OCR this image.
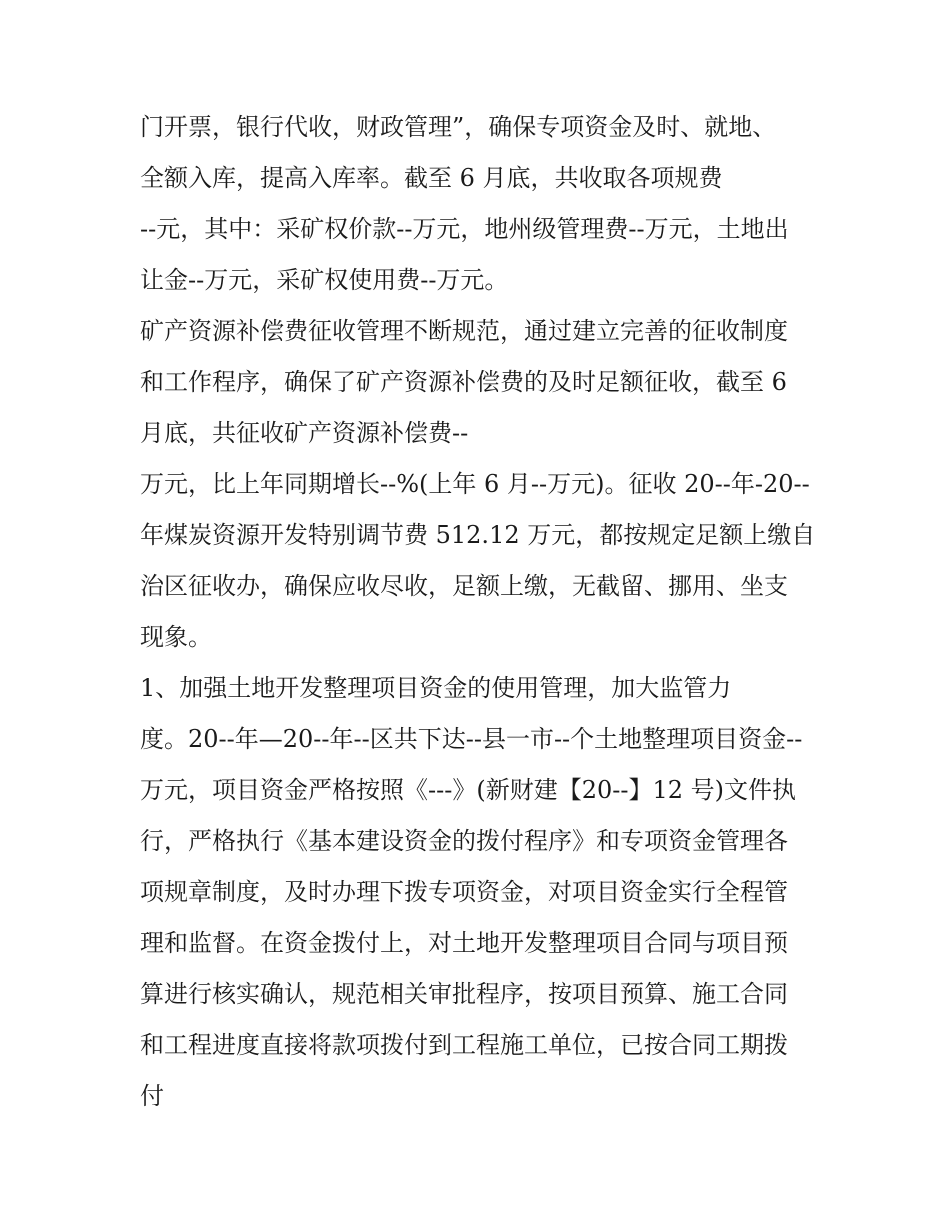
门开票，银行代收，财政管理”，确保专项资金及时、就地、
全额入库，提高入库率。截至 6 月底，共收取各项规费
--元，其中：采矿权价款--万元，地州级管理费--万元，土地出
让金--万元，采矿权使用费--万元。
矿产资源补偿费征收管理不断规范，通过建立完善的征收制度
和工作程序，确保了矿产资源补偿费的及时足额征收，截至 6
月底，共征收矿产资源补偿费--
万元，比上年同期增长--%(上年 6 月--万元)。征收 20--年-20--
年煤炭资源开发特别调节费 512.12 万元，都按规定足额上缴自
治区征收办，确保应收尽收，足额上缴，无截留、挪用、坐支
现象。
1、加强土地开发整理项目资金的使用管理，加大监管力
度。20--年—20--年--区共下达--县一市--个土地整理项目资金--
万元，项目资金严格按照《---》(新财建【20--】12 号)文件执
行，严格执行《基本建设资金的拨付程序》和专项资金管理各
项规章制度，及时办理下拨专项资金，对项目资金实行全程管
理和监督。在资金拨付上，对土地开发整理项目合同与项目预
算进行核实确认，规范相关审批程序，按项目预算、施工合同
和工程进度直接将款项拨付到工程施工单位，已按合同工期拨
付
